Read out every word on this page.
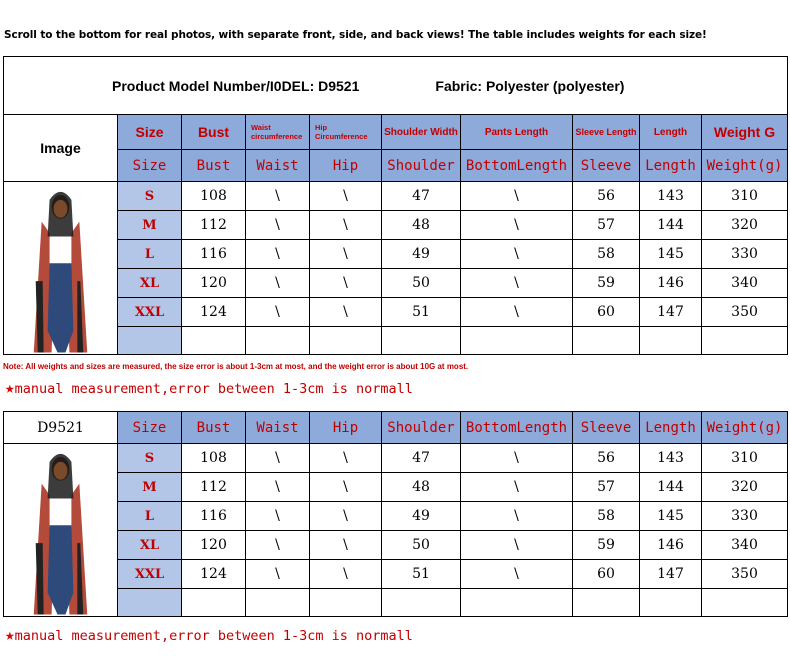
Scroll to the bottom for real photos, with separate front, side, and back views! The table includes weights for each size!
Product Model Number/I0DEL: D9521 Fabric: Polyester (polyester)									
Image	Size	Bust	Waist circumference	Hip Circumference	Shoulder Width	Pants Length	Sleeve Length	Length	Weight G
	Size	Bust	Waist	Hip	Shoulder	BottomLength	Sleeve	Length	Weight(g)

	S	108	\	\	47	\	56	143	310
	M	112	\	\	48	\	57	144	320
	L	116	\	\	49	\	58	145	330
	XL	120	\	\	50	\	59	146	340
	XXL	124	\	\	51	\	60	147	350

Note: All weights and sizes are measured, the size error is about 1-3cm at most, and the weight error is about 10G at most.
★manual measurement,error between 1-3cm is normall
D9521	Size	Bust	Waist	Hip	Shoulder	BottomLength	Sleeve	Length	Weight(g)

	S	108	\	\	47	\	56	143	310
	M	112	\	\	48	\	57	144	320
	L	116	\	\	49	\	58	145	330
	XL	120	\	\	50	\	59	146	340
	XXL	124	\	\	51	\	60	147	350

★manual measurement,error between 1-3cm is normall
